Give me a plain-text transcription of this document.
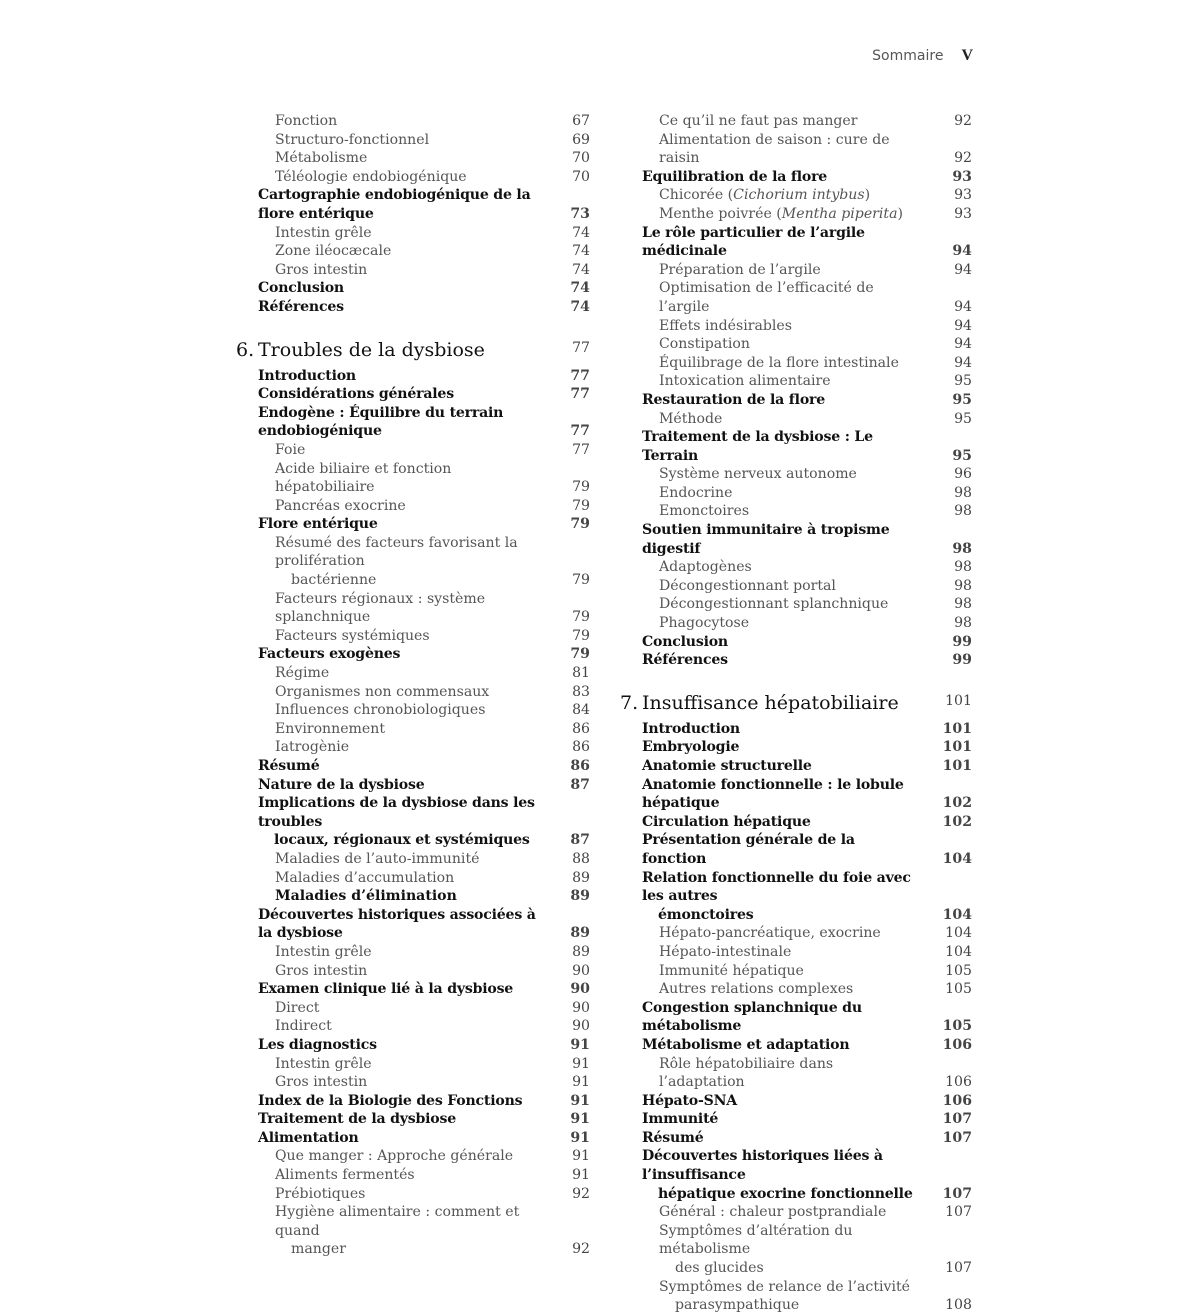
Sommaire V
Fonction	67
Structuro-fonctionnel	69
Métabolisme	70
Téléologie endobiogénique	70
Cartographie endobiogénique de la flore entérique	73
Intestin grêle	74
Zone iléocæcale	74
Gros intestin	74
Conclusion	74
Références	74
6. Troubles de la dysbiose	77
Introduction	77
Considérations générales	77
Endogène : Équilibre du terrain endobiogénique	77
Foie	77
Acide biliaire et fonction hépatobiliaire	79
Pancréas exocrine	79
Flore entérique	79
Résumé des facteurs favorisant la prolifération
bactérienne	79
Facteurs régionaux : système splanchnique	79
Facteurs systémiques	79
Facteurs exogènes	79
Régime	81
Organismes non commensaux	83
Influences chronobiologiques	84
Environnement	86
Iatrogènie	86
Résumé	86
Nature de la dysbiose	87
Implications de la dysbiose dans les troubles
locaux, régionaux et systémiques	87
Maladies de l’auto-immunité	88
Maladies d’accumulation	89
Maladies d’élimination	89
Découvertes historiques associées à la dysbiose	89
Intestin grêle	89
Gros intestin	90
Examen clinique lié à la dysbiose	90
Direct	90
Indirect	90
Les diagnostics	91
Intestin grêle	91
Gros intestin	91
Index de la Biologie des Fonctions	91
Traitement de la dysbiose	91
Alimentation	91
Que manger : Approche générale	91
Aliments fermentés	91
Prébiotiques	92
Hygiène alimentaire : comment et quand
manger	92
Ce qu’il ne faut pas manger	92
Alimentation de saison : cure de raisin	92
Equilibration de la flore	93
Chicorée (Cichorium intybus)	93
Menthe poivrée (Mentha piperita)	93
Le rôle particulier de l’argile médicinale	94
Préparation de l’argile	94
Optimisation de l’efficacité de l’argile	94
Effets indésirables	94
Constipation	94
Équilibrage de la flore intestinale	94
Intoxication alimentaire	95
Restauration de la flore	95
Méthode	95
Traitement de la dysbiose : Le Terrain	95
Système nerveux autonome	96
Endocrine	98
Emonctoires	98
Soutien immunitaire à tropisme digestif	98
Adaptogènes	98
Décongestionnant portal	98
Décongestionnant splanchnique	98
Phagocytose	98
Conclusion	99
Références	99
7. Insuffisance hépatobiliaire	101
Introduction	101
Embryologie	101
Anatomie structurelle	101
Anatomie fonctionnelle : le lobule hépatique	102
Circulation hépatique	102
Présentation générale de la fonction	104
Relation fonctionnelle du foie avec les autres
émonctoires	104
Hépato-pancréatique, exocrine	104
Hépato-intestinale	104
Immunité hépatique	105
Autres relations complexes	105
Congestion splanchnique du métabolisme	105
Métabolisme et adaptation	106
Rôle hépatobiliaire dans l’adaptation	106
Hépato-SNA	106
Immunité	107
Résumé	107
Découvertes historiques liées à l’insuffisance
hépatique exocrine fonctionnelle	107
Général : chaleur postprandiale	107
Symptômes d’altération du métabolisme
des glucides	107
Symptômes de relance de l’activité
parasympathique	108
